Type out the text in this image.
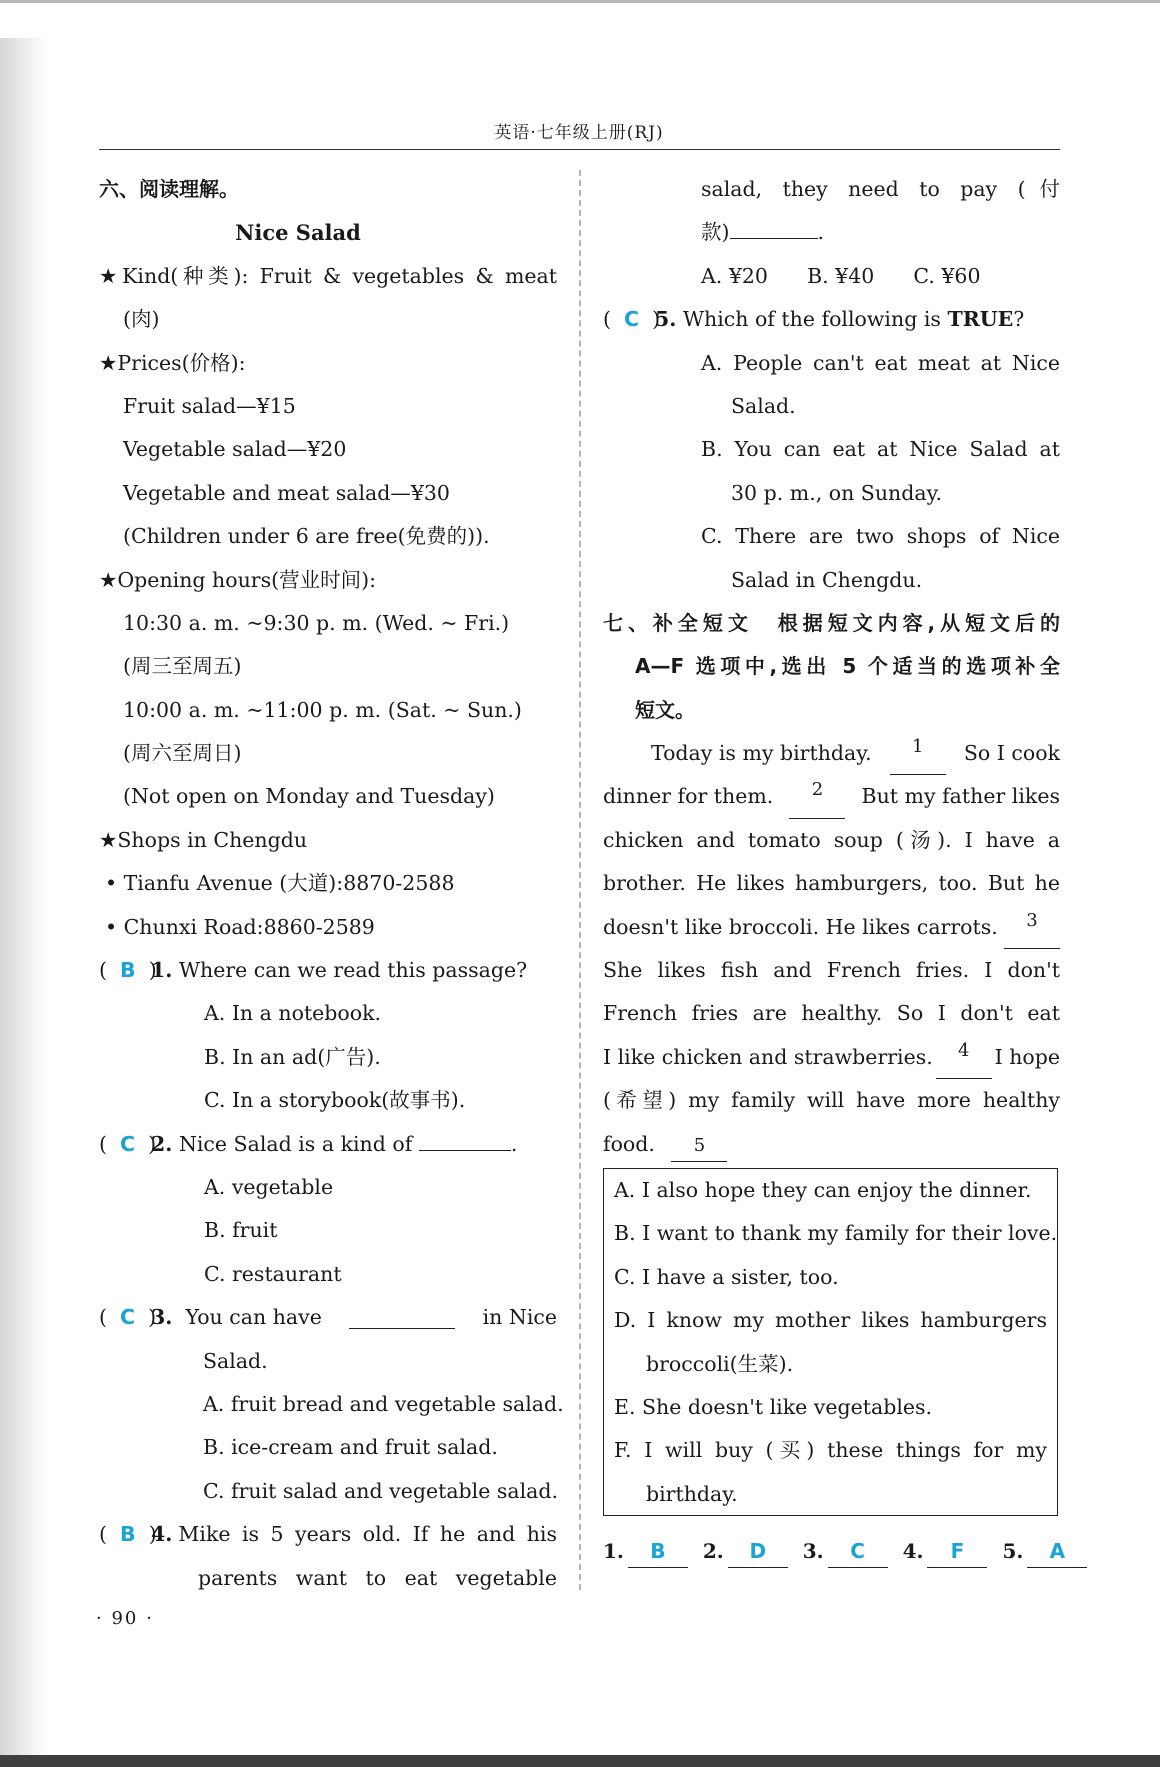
英语·七年级上册(RJ)
六、阅读理解。
Nice Salad
★Kind(种类): Fruit & vegetables & meat
(肉)
★Prices(价格):
Fruit salad—¥15
Vegetable salad—¥20
Vegetable and meat salad—¥30
(Children under 6 are free(免费的)).
★Opening hours(营业时间):
10:30 a. m. ~9:30 p. m. (Wed. ~ Fri.)
(周三至周五)
10:00 a. m. ~11:00 p. m. (Sat. ~ Sun.)
(周六至周日)
(Not open on Monday and Tuesday)
★Shops in Chengdu
• Tianfu Avenue (大道):8870-2588
• Chunxi Road:8860-2589
(  B  )1. Where can we read this passage?
A. In a notebook.
B. In an ad(广告).
C. In a storybook(故事书).
(  C  )2. Nice Salad is a kind of	.
A. vegetable
B. fruit
C. restaurant
(  C  )3. You can have	in Nice
Salad.
A. fruit bread and vegetable salad.
B. ice-cream and fruit salad.
C. fruit salad and vegetable salad.
(  B  )
4. Mike is 5 years old. If he and his
parents want to eat vegetable
salad, they need to pay (付
款)	.
A. ¥20      B. ¥40      C. ¥60
(  C  )5. Which of the following is TRUE?
A. People can't eat meat at Nice
Salad.
B. You can eat at Nice Salad at
30 p. m., on Sunday.
C. There are two shops of Nice
Salad in Chengdu.
七、补全短文　根据短文内容,从短文后的
A—F 选项中,选出 5 个适当的选项补全
短文。
Today is my birthday.	1	So I cook
dinner for them.	2	But my father likes
chicken and tomato soup (汤). I have a
brother. He likes hamburgers, too. But he
doesn't like broccoli. He likes carrots.	3
She likes fish and French fries. I don't
French fries are healthy. So I don't eat
I like chicken and strawberries.	4	I hope
(希望) my family will have more healthy
food. 5
A. I also hope they can enjoy the dinner.
B. I want to thank my family for their love.
C. I have a sister, too.
D. I know my mother likes hamburgers
broccoli(生菜).
E. She doesn't like vegetables.
F. I will buy (买) these things for my
birthday.
1. B 2. D 3. C 4. F 5. A
· 90 ·
